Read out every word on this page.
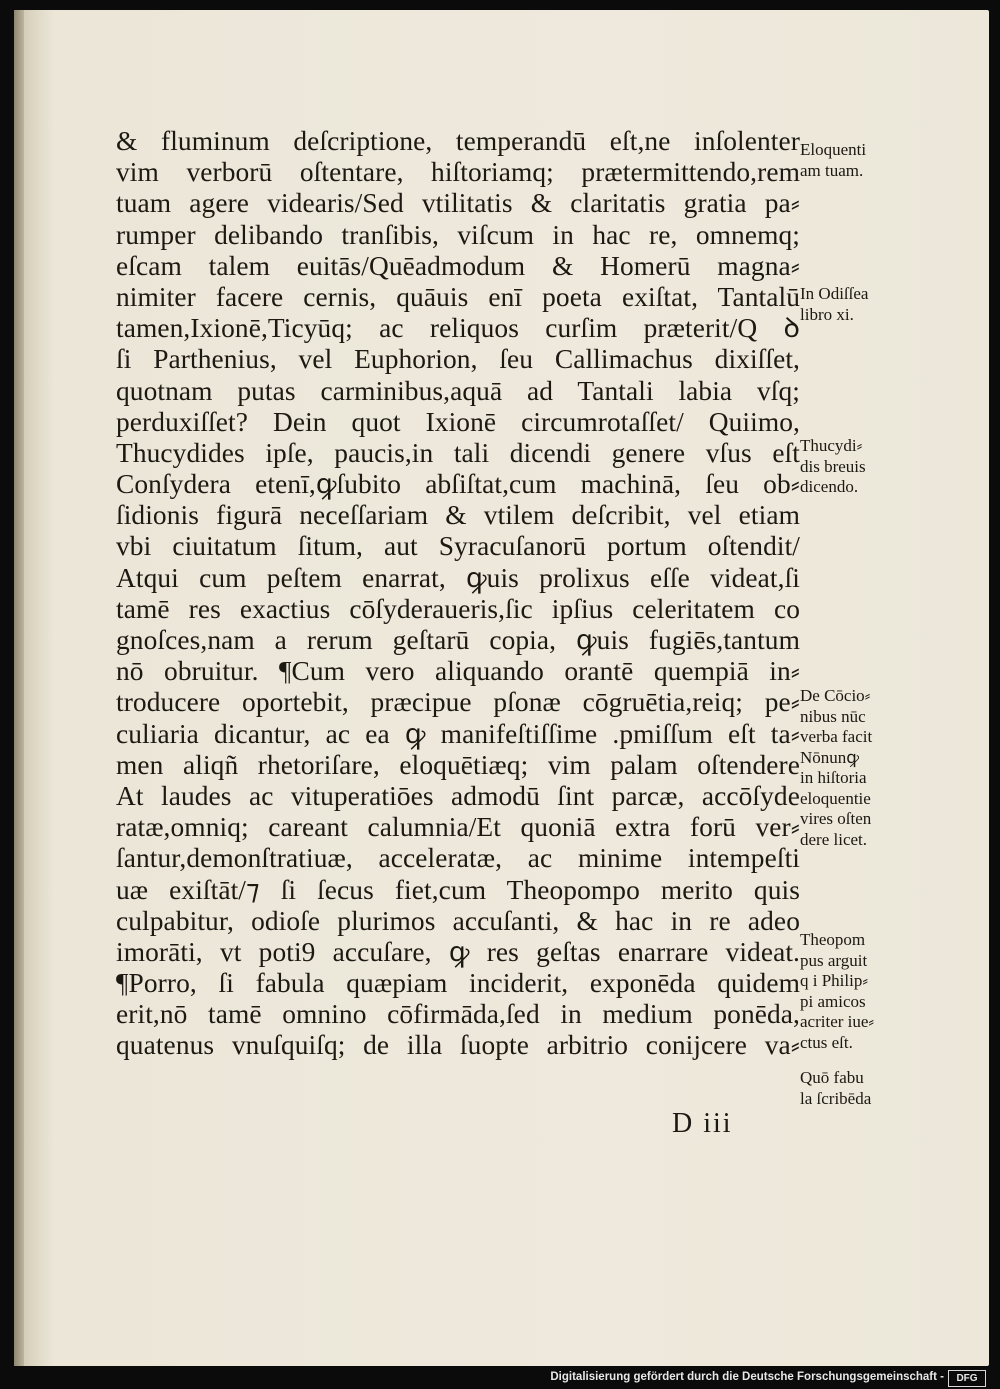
& fluminum deſcriptione, temperandū eſt,ne inſolenter
vim verborū oſtentare, hiſtoriamq; prætermittendo,rem
tuam agere videaris/Sed vtilitatis & claritatis gratia pa⸗
rumper delibando tranſibis, viſcum in hac re, omnemq;
eſcam talem euitās/Quēadmodum & Homerū magna⸗
nimiter facere cernis, quāuis enī poeta exiſtat, Tantalū
tamen,Ixionē,Ticyūq; ac reliquos curſim præterit/Q ꝺ
ſi Parthenius, vel Euphorion, ſeu Callimachus dixiſſet,
quotnam putas carminibus,aquā ad Tantali labia vſq;
perduxiſſet? Dein quot Ixionē circumrotaſſet/ Quiimo,
Thucydides ipſe, paucis,in tali dicendi genere vſus eſt
Conſydera etenī,ꝙſubito abſiſtat,cum machinā, ſeu ob⸗
ſidionis figurā neceſſariam & vtilem deſcribit, vel etiam
vbi ciuitatum ſitum, aut Syracuſanorū portum oſtendit/
Atqui cum peſtem enarrat, ꝙuis prolixus eſſe videat,ſi
tamē res exactius cōſyderaueris,ſic ipſius celeritatem co
gnoſces,nam a rerum geſtarū copia, ꝙuis fugiēs,tantum
nō obruitur. ¶Cum vero aliquando orantē quempiā in⸗
troducere oportebit, præcipue pſonæ cōgruētia,reiq; pe⸗
culiaria dicantur, ac ea ꝙ manifeſtiſſime .pmiſſum eſt ta⸗
men aliqñ rhetoriſare, eloquētiæq; vim palam oſtendere
At laudes ac vituperatiōes admodū ſint parcæ, accōſyde
ratæ,omniq; careant calumnia/Et quoniā extra forū ver⸗
ſantur,demonſtratiuæ, acceleratæ, ac minime intempeſti
uæ exiſtāt/⁊ ſi ſecus fiet,cum Theopompo merito quis
culpabitur, odioſe plurimos accuſanti, & hac in re adeo
imorāti, vt poti9 accuſare, ꝙ res geſtas enarrare videat.
¶Porro, ſi fabula quæpiam inciderit, exponēda quidem
erit,nō tamē omnino cōfirmāda,ſed in medium ponēda,
quatenus vnuſquiſq; de illa ſuopte arbitrio conijcere va⸗
Eloquenti
am tuam.
In Odiſſea
libro xi.
Thucydi⸗
dis breuis
dicendo.
De Cōcio⸗
nibus nūc
verba facit
Nōnunꝙ
in hiſtoria
eloquentie
vires oſten
dere licet.
Theopom
pus arguit
q i Philip⸗
pi amicos
acriter iue⸗
ctus eſt.
Quō fabu
la ſcribēda
D iii
Digitalisierung gefördert durch die Deutsche Forschungsgemeinschaft -	DFG
